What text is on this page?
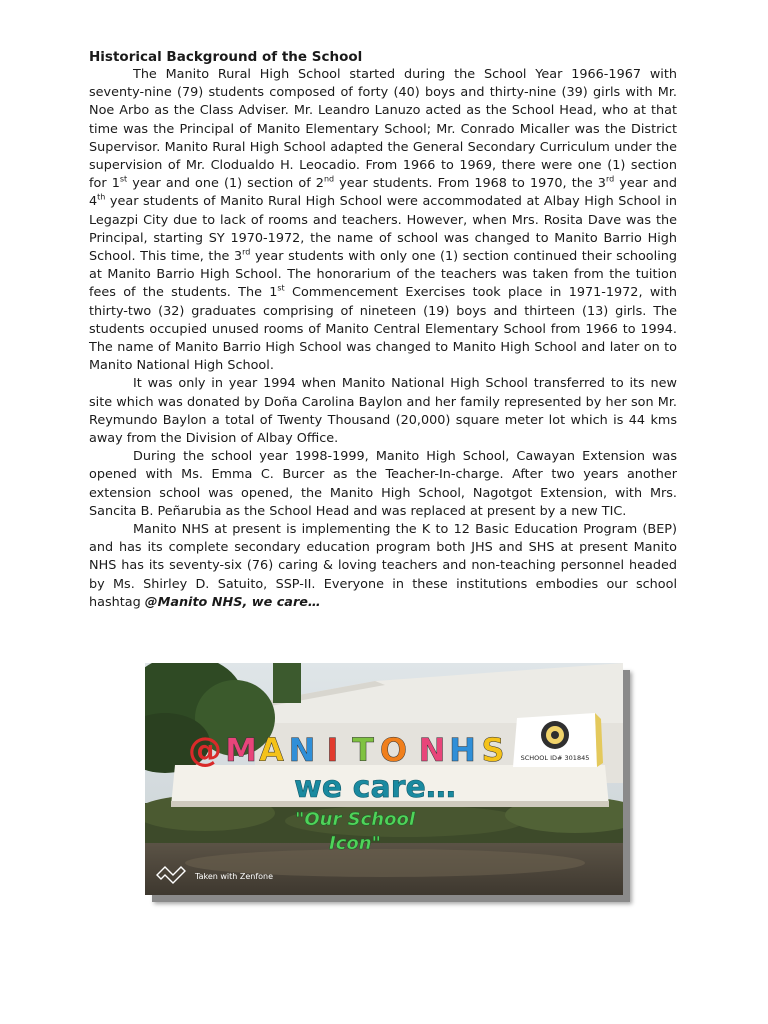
Historical Background of the School

The Manito Rural High School started during the School Year 1966-1967 with seventy-nine (79) students composed of forty (40) boys and thirty-nine (39) girls with Mr. Noe Arbo as the Class Adviser. Mr. Leandro Lanuzo acted as the School Head, who at that time was the Principal of Manito Elementary School; Mr. Conrado Micaller was the District Supervisor. Manito Rural High School adapted the General Secondary Curriculum under the supervision of Mr. Clodualdo H. Leocadio. From 1966 to 1969, there were one (1) section for 1st year and one (1) section of 2nd year students. From 1968 to 1970, the 3rd year and 4th year students of Manito Rural High School were accommodated at Albay High School in Legazpi City due to lack of rooms and teachers. However, when Mrs. Rosita Dave was the Principal, starting SY 1970-1972, the name of school was changed to Manito Barrio High School. This time, the 3rd year students with only one (1) section continued their schooling at Manito Barrio High School. The honorarium of the teachers was taken from the tuition fees of the students. The 1st Commencement Exercises took place in 1971-1972, with thirty-two (32) graduates comprising of nineteen (19) boys and thirteen (13) girls. The students occupied unused rooms of Manito Central Elementary School from 1966 to 1994. The name of Manito Barrio High School was changed to Manito High School and later on to Manito National High School.

It was only in year 1994 when Manito National High School transferred to its new site which was donated by Doña Carolina Baylon and her family represented by her son Mr. Reymundo Baylon a total of Twenty Thousand (20,000) square meter lot which is 44 kms away from the Division of Albay Office.

During the school year 1998-1999, Manito High School, Cawayan Extension was opened with Ms. Emma C. Burcer as the Teacher-In-charge. After two years another extension school was opened, the Manito High School, Nagotgot Extension, with Mrs. Sancita B. Peñarubia as the School Head and was replaced at present by a new TIC.

Manito NHS at present is implementing the K to 12 Basic Education Program (BEP) and has its complete secondary education program both JHS and SHS at present Manito NHS has its seventy-six (76) caring & loving teachers and non-teaching personnel headed by Ms. Shirley D. Satuito, SSP-II. Everyone in these institutions embodies our school hashtag @Manito NHS, we care…

SCHOOL ID# 301845
@ M A N I T O N H S
we care…
"Our School
Icon"
Taken with Zenfone
